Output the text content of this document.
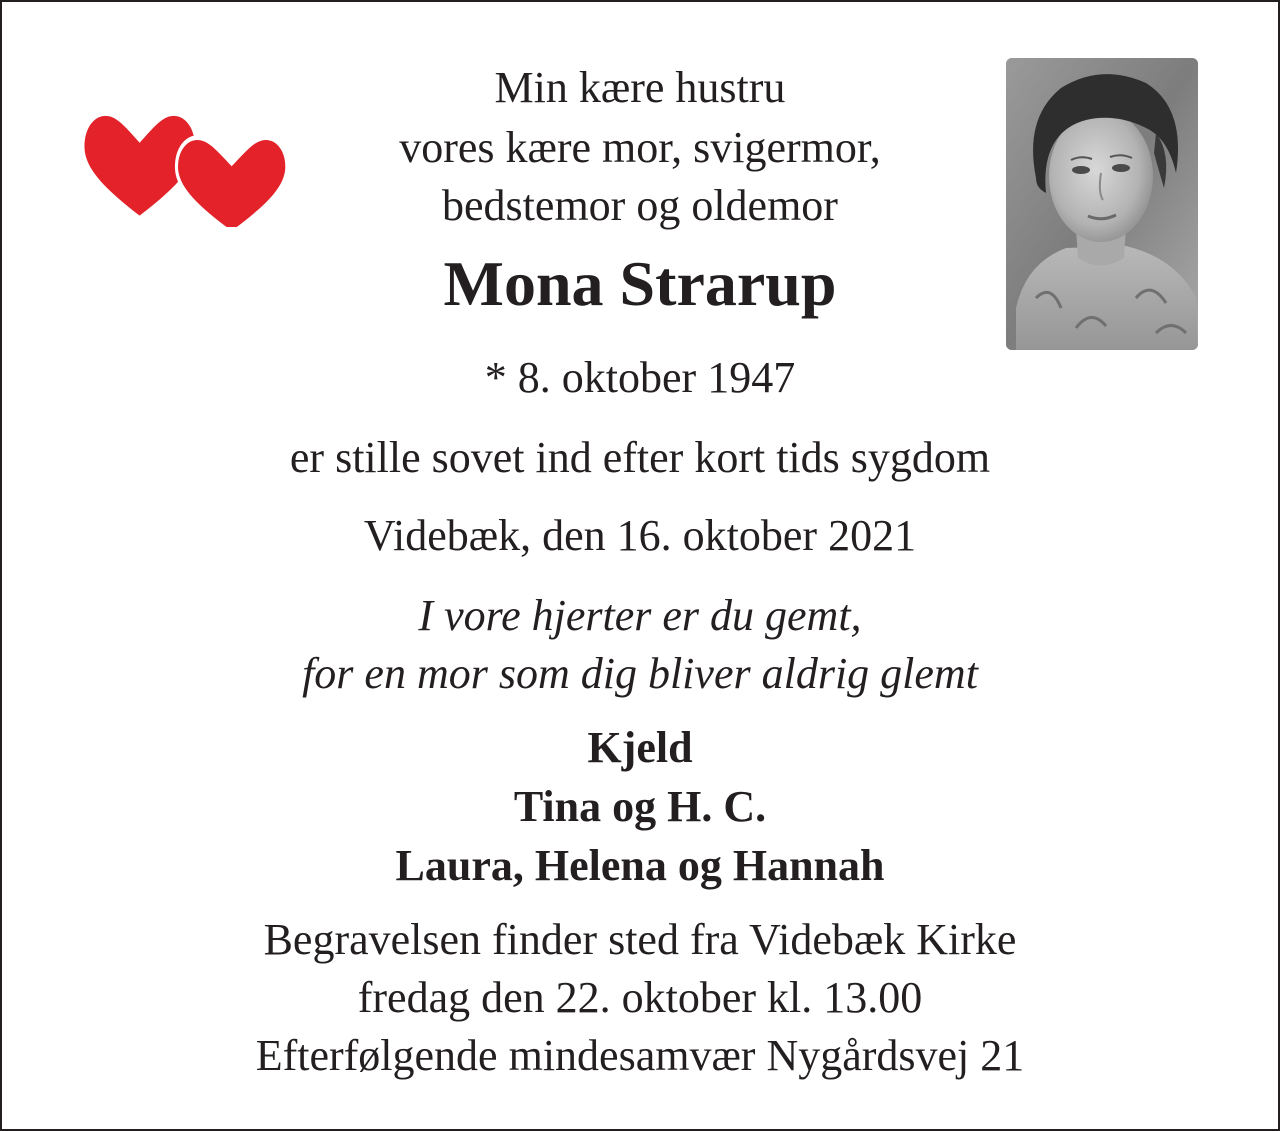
Min kære hustru
vores kære mor, svigermor,
bedstemor og oldemor
Mona Strarup
* 8. oktober 1947
er stille sovet ind efter kort tids sygdom
Videbæk, den 16. oktober 2021
I vore hjerter er du gemt,
for en mor som dig bliver aldrig glemt
Kjeld
Tina og H. C.
Laura, Helena og Hannah
Begravelsen finder sted fra Videbæk Kirke
fredag den 22. oktober kl. 13.00
Efterfølgende mindesamvær Nygårdsvej 21
